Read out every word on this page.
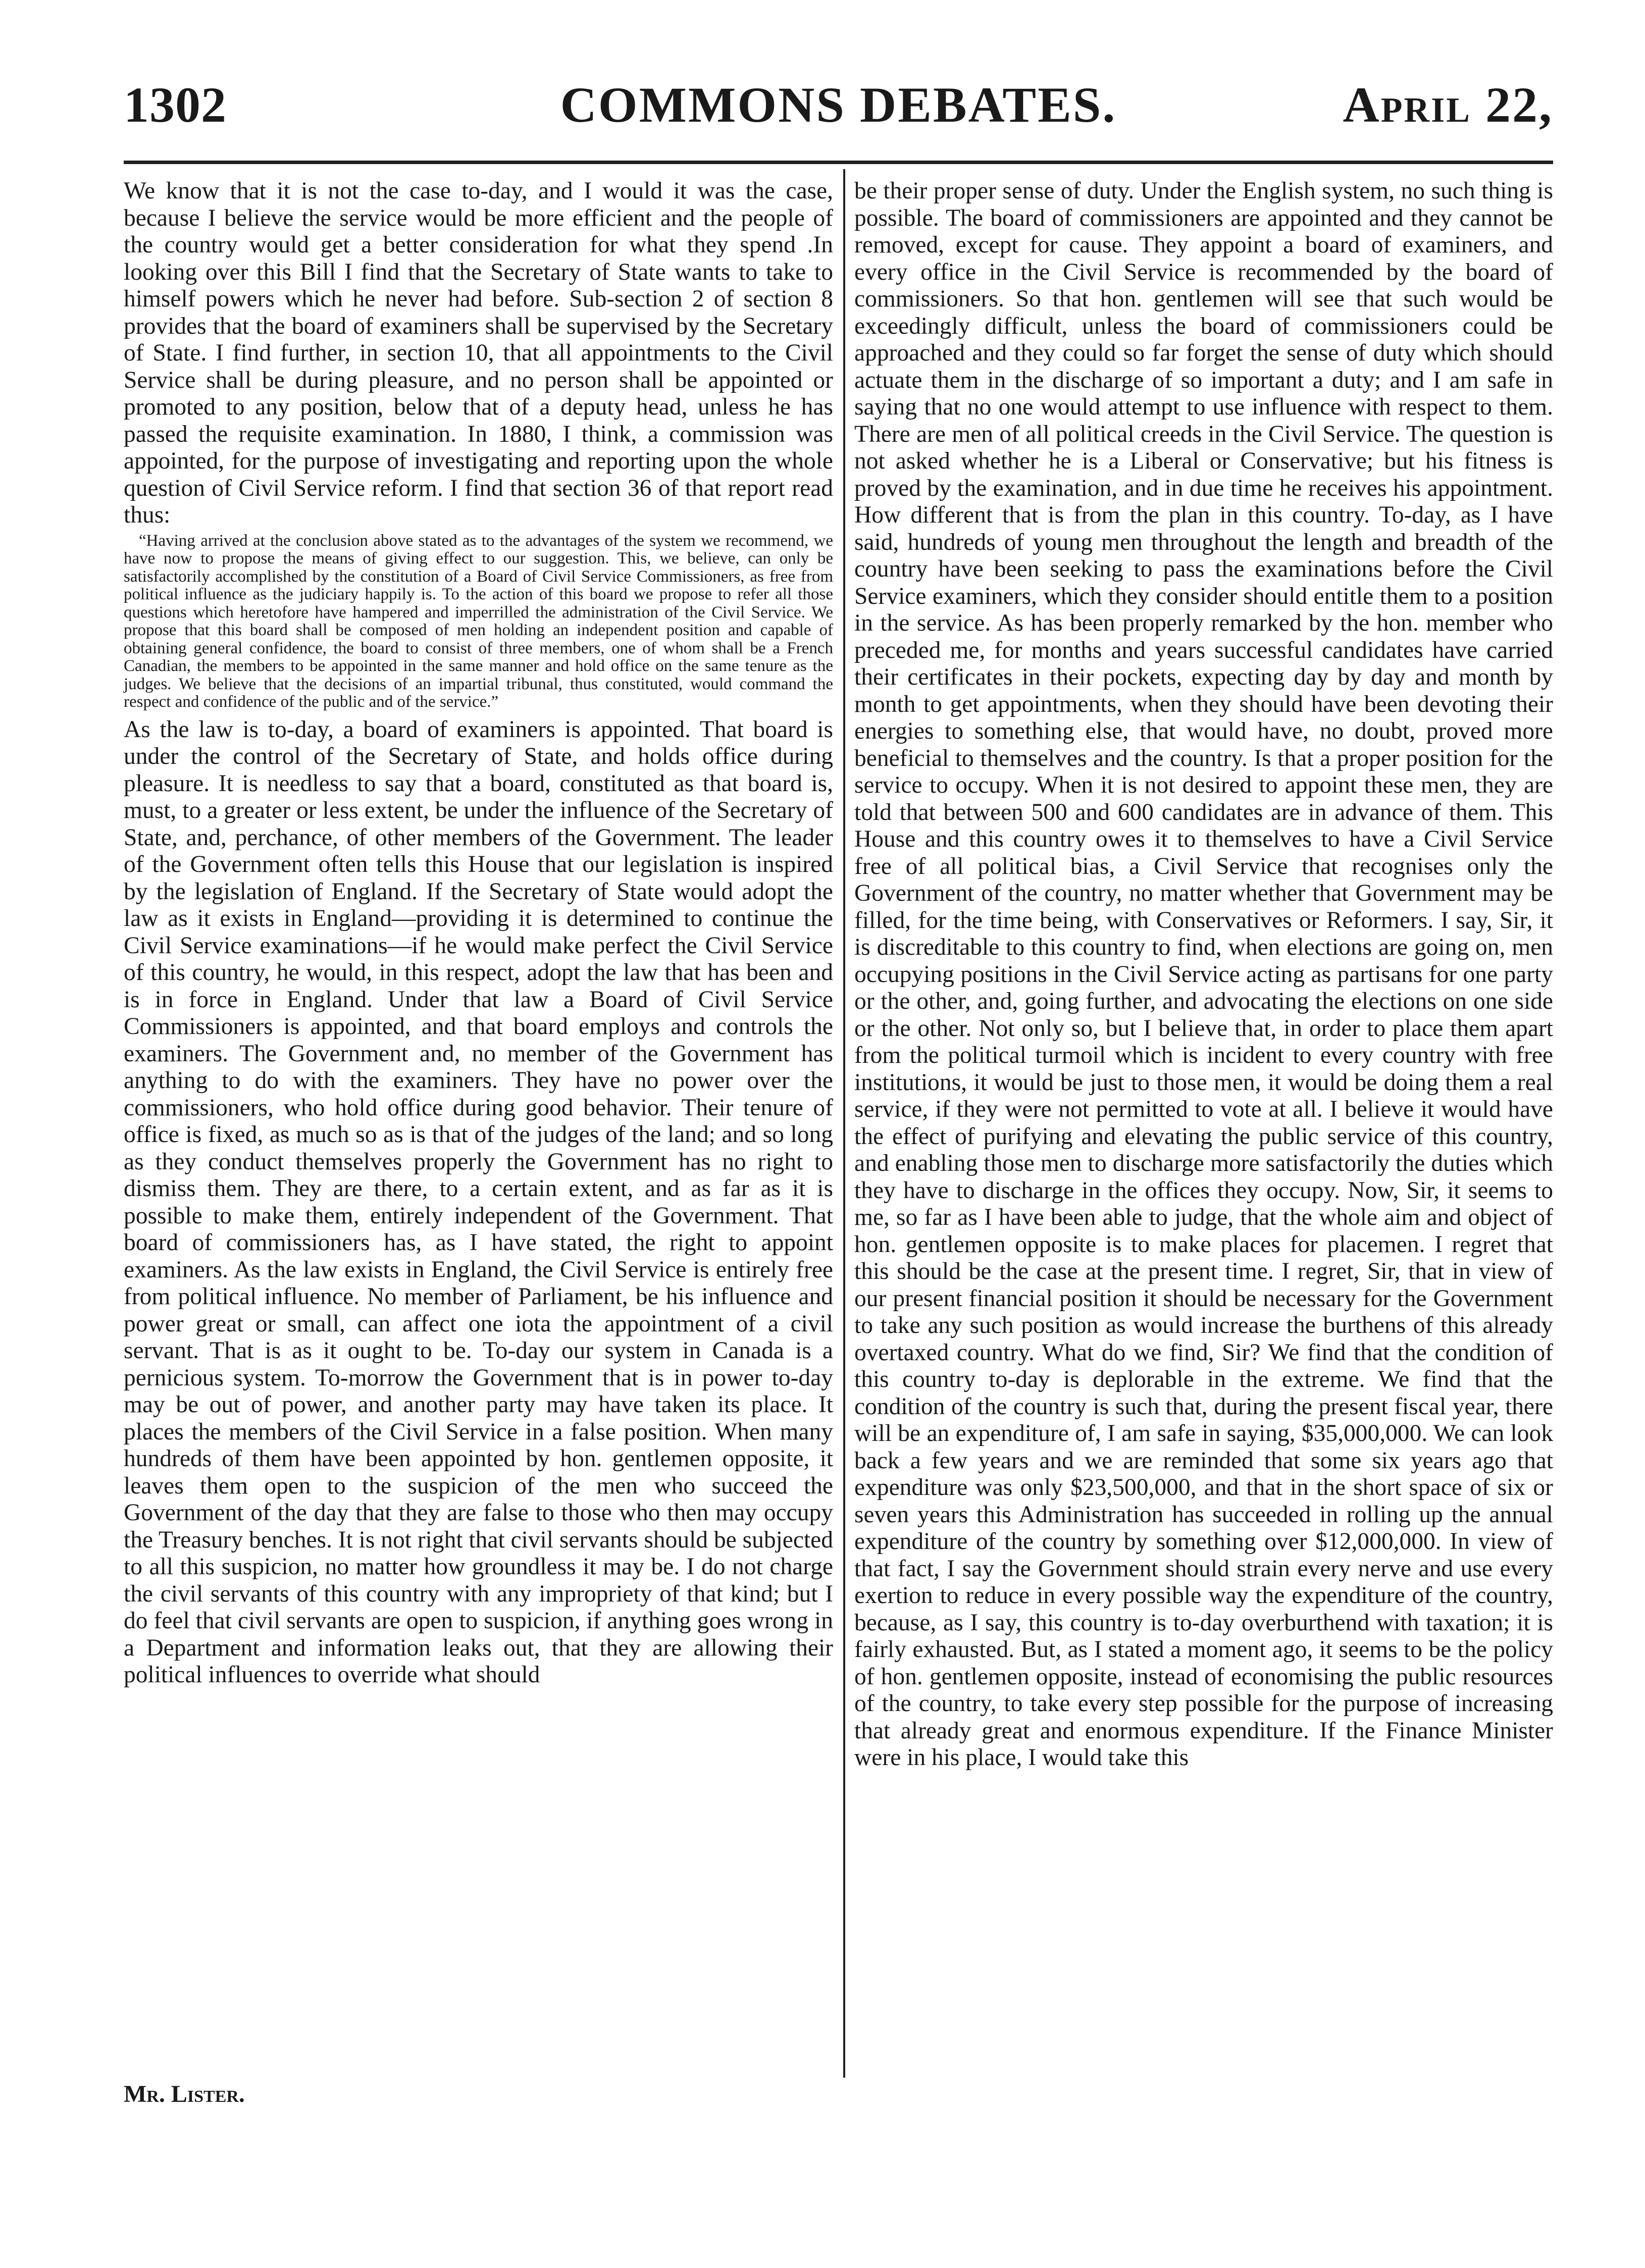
1302	COMMONS DEBATES.	April 22,

We know that it is not the case to-day, and I would it was the case, because I believe the service would be more efficient and the people of the country would get a better consideration for what they spend .In looking over this Bill I find that the Secretary of State wants to take to himself powers which he never had before. Sub-section 2 of section 8 provides that the board of examiners shall be supervised by the Secretary of State. I find further, in section 10, that all appointments to the Civil Service shall be during pleasure, and no person shall be appointed or promoted to any position, below that of a deputy head, unless he has passed the requisite examination. In 1880, I think, a commission was appointed, for the purpose of investigating and reporting upon the whole question of Civil Service reform. I find that section 36 of that report read thus:

“Having arrived at the conclusion above stated as to the advantages of the system we recommend, we have now to propose the means of giving effect to our suggestion. This, we believe, can only be satisfactorily accomplished by the constitution of a Board of Civil Service Commissioners, as free from political influence as the judiciary happily is. To the action of this board we propose to refer all those questions which heretofore have hampered and imperrilled the administration of the Civil Service. We propose that this board shall be composed of men holding an independent position and capable of obtaining general confidence, the board to consist of three members, one of whom shall be a French Canadian, the members to be appointed in the same manner and hold office on the same tenure as the judges. We believe that the decisions of an impartial tribunal, thus constituted, would command the respect and confidence of the public and of the service.”

As the law is to-day, a board of examiners is appointed. That board is under the control of the Secretary of State, and holds office during pleasure. It is needless to say that a board, constituted as that board is, must, to a greater or less extent, be under the influence of the Secretary of State, and, perchance, of other members of the Government. The leader of the Government often tells this House that our legislation is inspired by the legislation of England. If the Secretary of State would adopt the law as it exists in England—providing it is determined to continue the Civil Service examinations—if he would make perfect the Civil Service of this country, he would, in this respect, adopt the law that has been and is in force in England. Under that law a Board of Civil Service Commissioners is appointed, and that board employs and controls the examiners. The Government and, no member of the Government has anything to do with the examiners. They have no power over the commissioners, who hold office during good behavior. Their tenure of office is fixed, as much so as is that of the judges of the land; and so long as they conduct themselves properly the Government has no right to dismiss them. They are there, to a certain extent, and as far as it is possible to make them, entirely independent of the Government. That board of commissioners has, as I have stated, the right to appoint examiners. As the law exists in England, the Civil Service is entirely free from political influence. No member of Parliament, be his influence and power great or small, can affect one iota the appointment of a civil servant. That is as it ought to be. To-day our system in Canada is a pernicious system. To-morrow the Government that is in power to-day may be out of power, and another party may have taken its place. It places the members of the Civil Service in a false position. When many hundreds of them have been appointed by hon. gentlemen opposite, it leaves them open to the suspicion of the men who succeed the Government of the day that they are false to those who then may occupy the Treasury benches. It is not right that civil servants should be subjected to all this suspicion, no matter how groundless it may be. I do not charge the civil servants of this country with any impropriety of that kind; but I do feel that civil servants are open to suspicion, if anything goes wrong in a Department and information leaks out, that they are allowing their political influences to override what should

be their proper sense of duty. Under the English system, no such thing is possible. The board of commissioners are appointed and they cannot be removed, except for cause. They appoint a board of examiners, and every office in the Civil Service is recommended by the board of commissioners. So that hon. gentlemen will see that such would be exceedingly difficult, unless the board of commissioners could be approached and they could so far forget the sense of duty which should actuate them in the discharge of so important a duty; and I am safe in saying that no one would attempt to use influence with respect to them. There are men of all political creeds in the Civil Service. The question is not asked whether he is a Liberal or Conservative; but his fitness is proved by the examination, and in due time he receives his appointment. How different that is from the plan in this country. To-day, as I have said, hundreds of young men throughout the length and breadth of the country have been seeking to pass the examinations before the Civil Service examiners, which they consider should entitle them to a position in the service. As has been properly remarked by the hon. member who preceded me, for months and years successful candidates have carried their certificates in their pockets, expecting day by day and month by month to get appointments, when they should have been devoting their energies to something else, that would have, no doubt, proved more beneficial to themselves and the country. Is that a proper position for the service to occupy. When it is not desired to appoint these men, they are told that between 500 and 600 candidates are in advance of them. This House and this country owes it to themselves to have a Civil Service free of all political bias, a Civil Service that recognises only the Government of the country, no matter whether that Government may be filled, for the time being, with Conservatives or Reformers. I say, Sir, it is discreditable to this country to find, when elections are going on, men occupying positions in the Civil Service acting as partisans for one party or the other, and, going further, and advocating the elections on one side or the other. Not only so, but I believe that, in order to place them apart from the political turmoil which is incident to every country with free institutions, it would be just to those men, it would be doing them a real service, if they were not permitted to vote at all. I believe it would have the effect of purifying and elevating the public service of this country, and enabling those men to discharge more satisfactorily the duties which they have to discharge in the offices they occupy. Now, Sir, it seems to me, so far as I have been able to judge, that the whole aim and object of hon. gentlemen opposite is to make places for placemen. I regret that this should be the case at the present time. I regret, Sir, that in view of our present financial position it should be necessary for the Government to take any such position as would increase the burthens of this already overtaxed country. What do we find, Sir? We find that the condition of this country to-day is deplorable in the extreme. We find that the condition of the country is such that, during the present fiscal year, there will be an expenditure of, I am safe in saying, $35,000,000. We can look back a few years and we are reminded that some six years ago that expenditure was only $23,500,000, and that in the short space of six or seven years this Administration has succeeded in rolling up the annual expenditure of the country by something over $12,000,000. In view of that fact, I say the Government should strain every nerve and use every exertion to reduce in every possible way the expenditure of the country, because, as I say, this country is to-day overburthend with taxation; it is fairly exhausted. But, as I stated a moment ago, it seems to be the policy of hon. gentlemen opposite, instead of economising the public resources of the country, to take every step possible for the purpose of increasing that already great and enormous expenditure. If the Finance Minister were in his place, I would take this

Mr. Lister.
